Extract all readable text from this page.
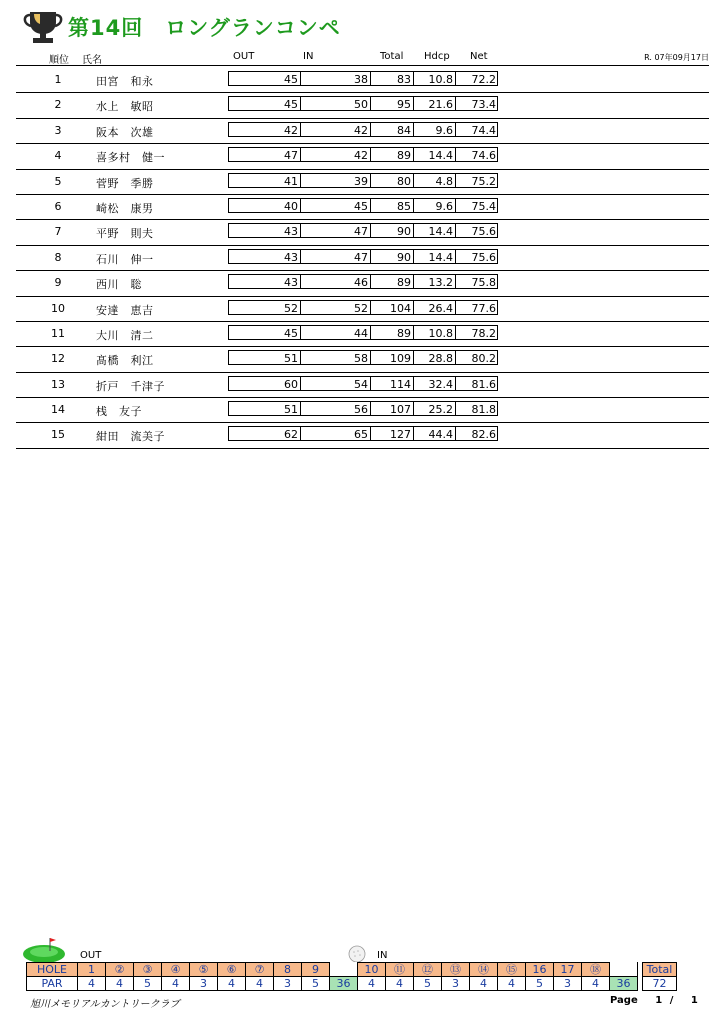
第14回　ロングランコンペ
順位 氏名	OUT	IN	Total Hdcp Net	R. 07年09月17日
1	田宮　和永	45	38	83	10.8	72.2
2	水上　敏昭	45	50	95	21.6	73.4
3	阪本　次雄	42	42	84	9.6	74.4
4	喜多村　健一	47	42	89	14.4	74.6
5	菅野　季勝	41	39	80	4.8	75.2
6	崎松　康男	40	45	85	9.6	75.4
7	平野　則夫	43	47	90	14.4	75.6
8	石川　伸一	43	47	90	14.4	75.6
9	西川　聡	43	46	89	13.2	75.8
10	安達　恵吉	52	52	104	26.4	77.6
11	大川　清二	45	44	89	10.8	78.2
12	髙橋　利江	51	58	109	28.8	80.2
13	折戸　千津子	60	54	114	32.4	81.6
14	桟　友子	51	56	107	25.2	81.8
15	紺田　流美子	62	65	127	44.4	82.6
OUT	IN
HOLE	1	②	③	④	⑤	⑥	⑦	8	9		10	⑪	⑫	⑬	⑭	⑮	16	17	⑱			Total
PAR	4	4	5	4	3	4	4	3	5	36	4	4	5	3	4	4	5	3	4	36		72
旭川メモリアルカントリークラブ	Page 1 / 1
